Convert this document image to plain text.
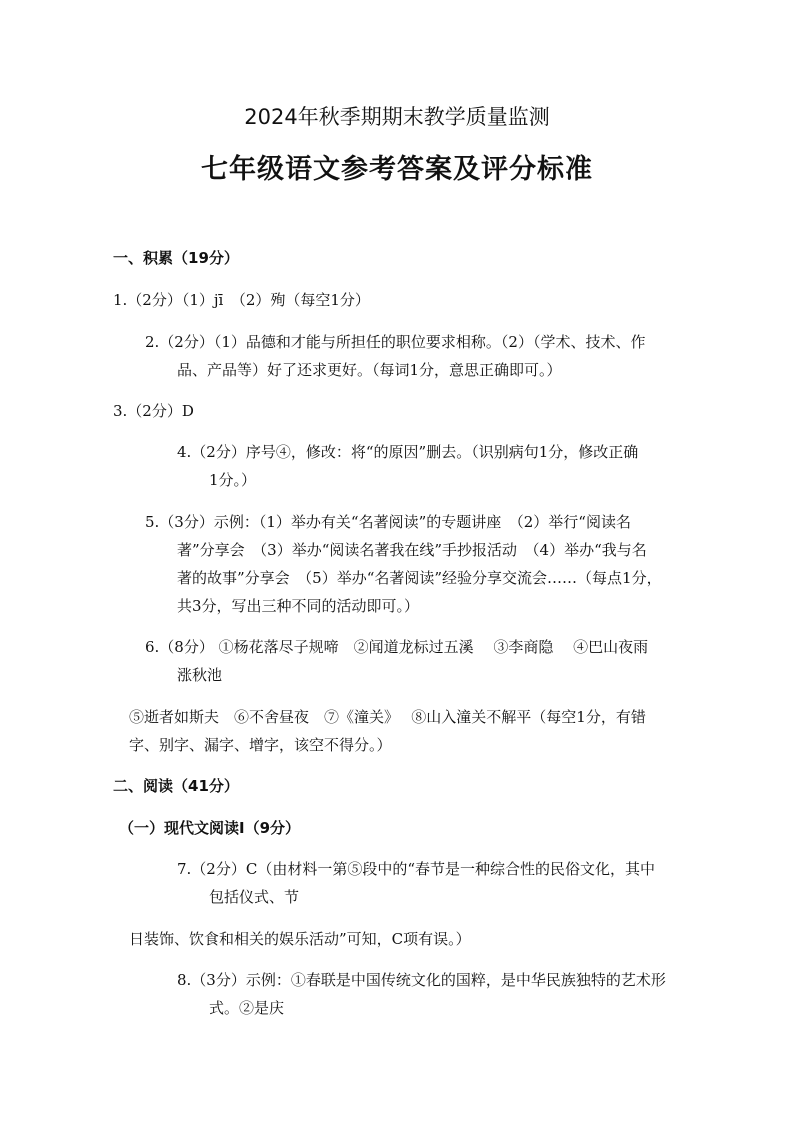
2024年秋季期期末教学质量监测
七年级语文参考答案及评分标准
一、积累（19分）
1.（2分）（1）jī　（2）殉（每空1分）
2.（2分）（1）品德和才能与所担任的职位要求相称。（2）（学术、技术、作
品、产品等）好了还求更好。（每词1分，意思正确即可。）
3.（2分）D
4.（2分）序号④，修改：将“的原因”删去。（识别病句1分，修改正确
1分。）
5.（3分）示例：（1）举办有关“名著阅读”的专题讲座　（2）举行“阅读名
著”分享会　（3）举办“阅读名著我在线”手抄报活动　（4）举办“我与名
著的故事”分享会　（5）举办“名著阅读”经验分享交流会……（每点1分，
共3分，写出三种不同的活动即可。）
6.（8分） ①杨花落尽子规啼　②闻道龙标过五溪　 ③李商隐　 ④巴山夜雨
涨秋池
⑤逝者如斯夫　⑥不舍昼夜　⑦《潼关》　 ⑧山入潼关不解平（每空1分，有错
字、别字、漏字、增字，该空不得分。）
二、阅读（41分）
（一）现代文阅读Ⅰ（9分）
7.（2分）C（由材料一第⑤段中的“春节是一种综合性的民俗文化，其中
包括仪式、节
日装饰、饮食和相关的娱乐活动”可知，C项有误。）
8.（3分）示例：①春联是中国传统文化的国粹，是中华民族独特的艺术形
式。②是庆
